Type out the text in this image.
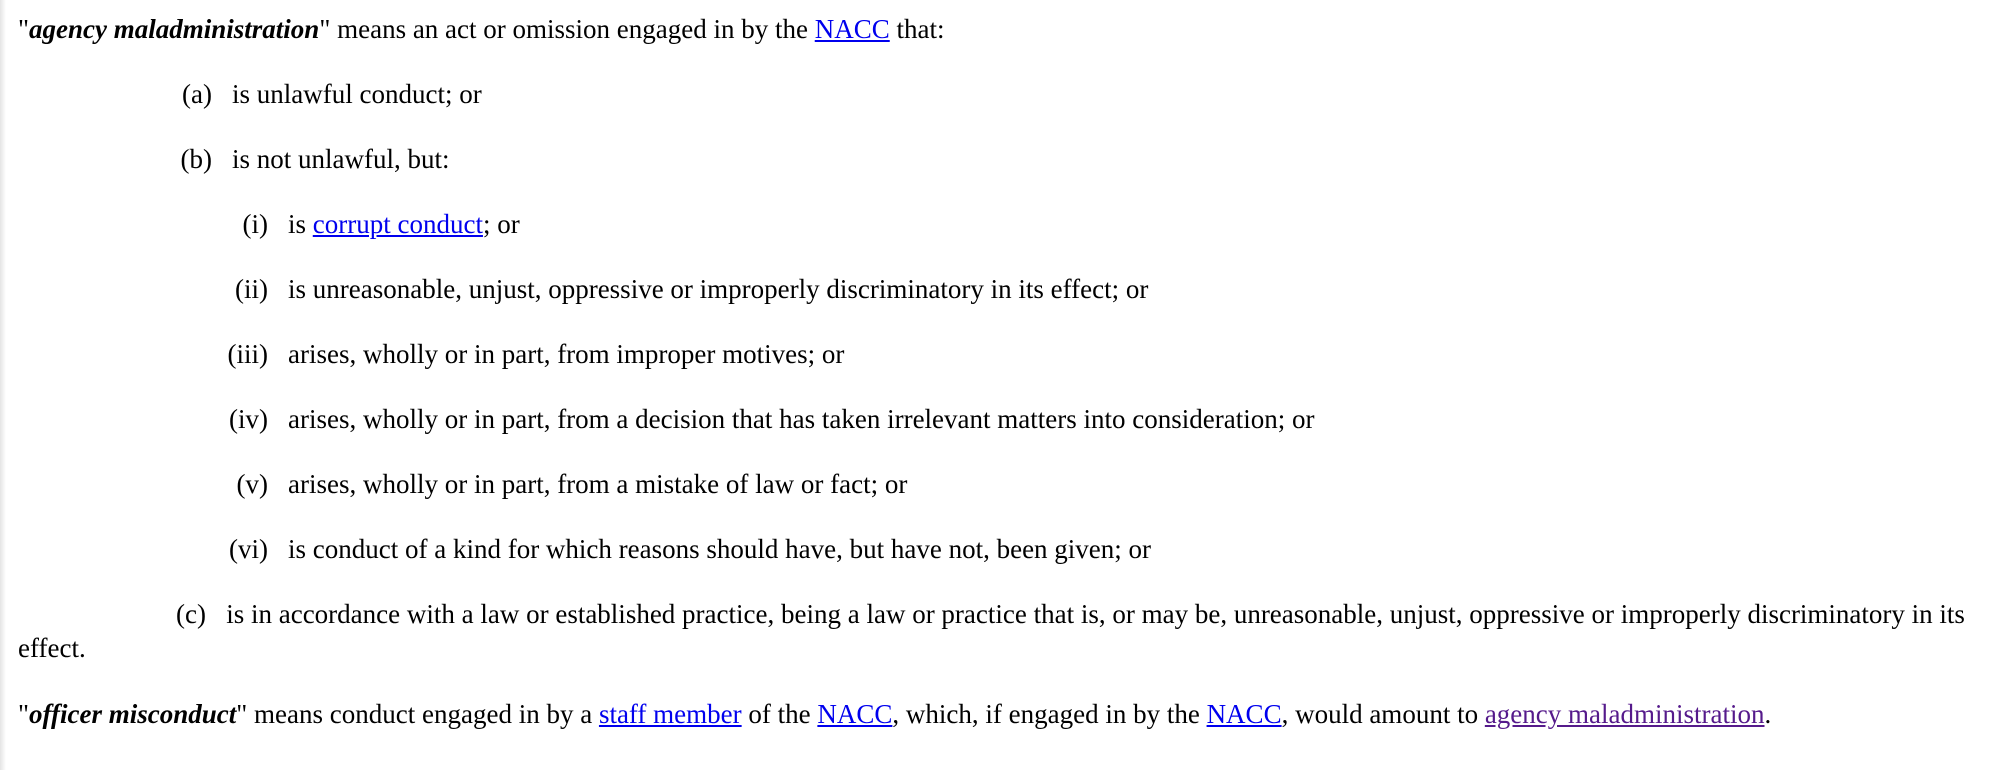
"agency maladministration" means an act or omission engaged in by the NACC that:
(a) is unlawful conduct; or
(b) is not unlawful, but:
(i) is corrupt conduct; or
(ii) is unreasonable, unjust, oppressive or improperly discriminatory in its effect; or
(iii) arises, wholly or in part, from improper motives; or
(iv) arises, wholly or in part, from a decision that has taken irrelevant matters into consideration; or
(v) arises, wholly or in part, from a mistake of law or fact; or
(vi) is conduct of a kind for which reasons should have, but have not, been given; or
(c) is in accordance with a law or established practice, being a law or practice that is, or may be, unreasonable, unjust, oppressive or improperly discriminatory in its effect.
"officer misconduct" means conduct engaged in by a staff member of the NACC, which, if engaged in by the NACC, would amount to agency maladministration.
